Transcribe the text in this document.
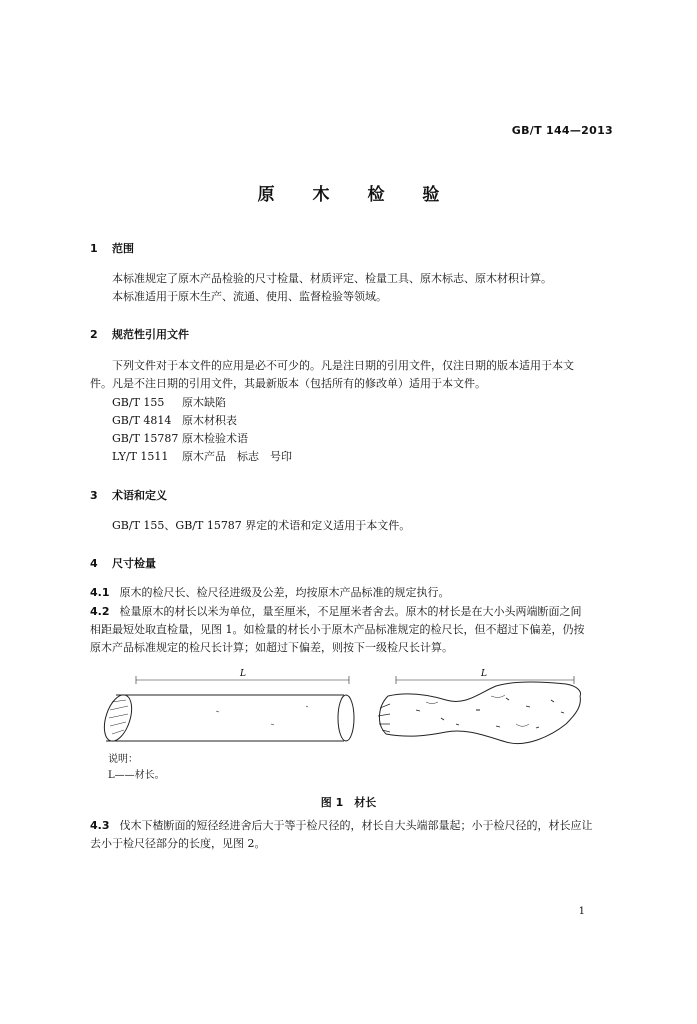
GB/T 144—2013
原 木 检 验
1 范围
本标准规定了原木产品检验的尺寸检量、材质评定、检量工具、原木标志、原木材积计算。
本标准适用于原木生产、流通、使用、监督检验等领域。
2 规范性引用文件
下列文件对于本文件的应用是必不可少的。凡是注日期的引用文件，仅注日期的版本适用于本文
件。凡是不注日期的引用文件，其最新版本（包括所有的修改单）适用于本文件。
GB/T 155 原木缺陷
GB/T 4814 原木材积表
GB/T 15787 原木检验术语
LY/T 1511 原木产品　标志　号印
3 术语和定义
GB/T 155、GB/T 15787 界定的术语和定义适用于本文件。
4 尺寸检量
4.1 原木的检尺长、检尺径进级及公差，均按原木产品标准的规定执行。
4.2 检量原木的材长以米为单位，量至厘米，不足厘米者舍去。原木的材长是在大小头两端断面之间
相距最短处取直检量，见图 1。如检量的材长小于原木产品标准规定的检尺长，但不超过下偏差，仍按
原木产品标准规定的检尺长计算；如超过下偏差，则按下一级检尺长计算。
L	L
说明：
L——材长。
图 1　材长
4.3 伐木下楂断面的短径经进舍后大于等于检尺径的，材长自大头端部量起；小于检尺径的，材长应让
去小于检尺径部分的长度，见图 2。
1
